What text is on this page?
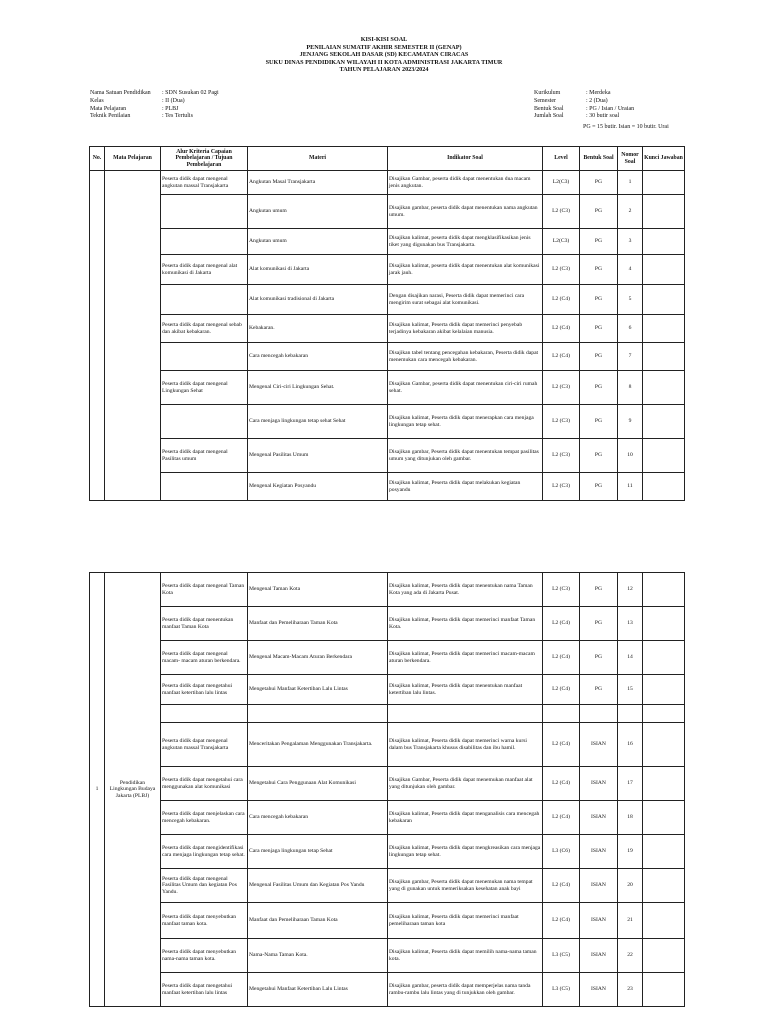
KISI-KISI SOAL
PENILAIAN SUMATIF AKHIR SEMESTER II (GENAP)
JENJANG SEKOLAH DASAR (SD) KECAMATAN CIRACAS
SUKU DINAS PENDIDIKAN WILAYAH II KOTA ADMINISTRASI JAKARTA TIMUR
TAHUN PELAJARAN 2023/2024
Nama Satuan Pendidikan	: SDN Susukan 02 Pagi
Kelas	: II (Dua)
Mata Pelajaran	: PLBJ
Teknik Penilaian	: Tes Tertulis
Kurikulum	: Merdeka
Semester	: 2 (Dua)
Bentuk Soal	: PG / Isian / Uraian
Jumlah Soal	: 30 butir soal
PG = 15 butir. Isian = 10 butir. Urai
No.	Mata Pelajaran	Alur Kriteria Capaian Pembelajaran / Tujuan Pembelajaran	Materi	Indikator Soal	Level	Bentuk Soal	Nomor Soal	Kunci Jawaban
		Peserta didik dapat mengenal angkutan massal Transjakarta	Angkutan Masal Transjakarta	Disajikan Gambar, peserta didik dapat menentukan dua macam jenis angkutan.	L2(C3)	PG	1	
			Angkutan umum	Disajikan gambar, peserta didik dapat menentukan nama angkutan umum.	L2 (C3)	PG	2	
			Angkutan umum	Disajikan kalimat, peserta didik dapat mengklasifikasikan jenis tiket yang digunakan bus Transjakarta.	L2(C3)	PG	3	
		Peserta didik dapat mengenal alat komunikasi di Jakarta	Alat komunikasi di Jakarta	Disajikan kalimat, peserta didik dapat menentukan alat komunikasi jarak jauh.	L2 (C3)	PG	4	
			Alat komunikasi tradisional di Jakarta	Dengan disajikan narasi, Peserta didik dapat memerinci cara mengirim surat sebagai alat komunikasi.	L2 (C4)	PG	5	
		Peserta didik dapat mengenal sebab dan akibat kebakaran.	Kebakaran.	Disajikan kalimat, Peserta didik dapat memerinci penyebab terjadinya kebakaran akibat kelalaian manusia.	L2 (C4)	PG	6	
			Cara mencegah kebakaran	Disajikan tabel tentang pencegahan kebakaran, Peserta didik dapat menemukan cara mencegah kebakaran.	L2 (C4)	PG	7	
		Peserta didik dapat mengenal Lingkungan Sehat	Mengenal Ciri-ciri Lingkungan Sehat.	Disajikan Gambar, peserta didik dapat menentukan ciri-ciri rumah sehat.	L2 (C3)	PG	8	
			Cara menjaga lingkungan tetap sehat Sehat	Disajikan kalimat, Peserta didik dapat menerapkan cara menjaga lingkungan tetap sehat.	L2 (C3)	PG	9	
		Peserta didik dapat mengenal Pasilitas umum	Mengenal Pasilitas Umum	Disajikan gambar, Peserta didik dapat menentukan tempat pasilitas umum yang ditunjukan oleh gambar.	L2 (C3)	PG	10	
			Mengenal Kegiatan Posyandu	Disajikan kalimat, Peserta didik dapat melakukan kegiatan posyandu	L2 (C3)	PG	11	
1	Pendidikan Lingkungan Budaya Jakarta (PLBJ)	Peserta didik dapat mengenal Taman Kota	Mengenal Taman Kota	Disajikan kalimat, Peserta didik dapat menentukan nama Taman Kota yang ada di Jakarta Pusat.	L2 (C3)	PG	12	
		Peserta didik dapat menentukan manfaat Taman Kota	Manfaat dan Pemeliharaan Taman Kota	Disajikan kalimat, Peserta didik dapat memerinci manfaat Taman Kota.	L2 (C4)	PG	13	
		Peserta didik dapat mengenal macam- macam aturan berkendara.	Mengenal Macam-Macam Aturan Berkendara	Disajikan kalimat, Peserta didik dapat memerinci macam-macam aturan berkendara.	L2 (C4)	PG	14	
		Peserta didik dapat mengetahui manfaat ketertiban lalu lintas	Mengetahui Manfaat Ketertiban Lalu Lintas	Disajikan kalimat, Peserta didik dapat menentukan manfaat ketertiban lalu lintas.	L2 (C4)	PG	15	

		Peserta didik dapat mengenal angkutan massal Transjakarta	Menceritakan Pengalaman Menggunakan Transjakarta.	Disajikan kalimat, Peserta didik dapat memerinci warna kursi dalam bus Transjakarta khusus disabilitas dan ibu hamil.	L2 (C4)	ISIAN	16	
		Peserta didik dapat mengetahui cara menggunakan alat komunikasi	Mengetahui Cara Penggunaan Alat Komunikasi	Disajikan Gambar, Peserta didik dapat menemukan manfaat alat yang ditunjukan oleh gambar.	L2 (C4)	ISIAN	17	
		Peserta didik dapat menjelaskan cara mencegah kebakaran.	Cara mencegah kebakaran	Disajikan kalimat, Peserta didik dapat menganalisis cara mencegah kebakaran	L2 (C4)	ISIAN	18	
		Peserta didik dapat mengidentifikasi cara menjaga lingkungan tetap sehat.	Cara menjaga lingkungan tetap Sehat	Disajikan kalimat, Peserta didik dapat mengkreasikan cara menjaga lingkungan tetap sehat.	L3 (C6)	ISIAN	19	
		Peserta didik dapat mengenal Fasilitas Umum dan kegiatan Pos Yandu.	Mengenal Fasilitas Umum dan Kegiatan Pos Yandu	Disajikan gambar, Peserta didik dapat menemukan nama tempat yang di gunakan untuk memeriksakan kesehatan anak bayi	L2 (C4)	ISIAN	20	
		Peserta didik dapat menyebutkan manfaat taman kota.	Manfaat dan Pemeliharaan Taman Kota	Disajikan kalimat, Peserta didik dapat memerinci manfaat pemeliharaan taman kota	L2 (C4)	ISIAN	21	
		Peserta didik dapat menyebutkan nama-nama taman kota.	Nama-Nama Taman Kota.	Disajikan kalimat, Peserta didik dapat memilih nama-nama taman kota.	L3 (C5)	ISIAN	22	
		Peserta didik dapat mengetahui manfaat ketertiban lalu lintas	Mengetahui Manfaat Ketertiban Lalu Lintas	Disajikan gambar, peserta didik dapat memperjelas nama tanda rambu-rambu lalu lintas yang di tunjukkan oleh gambar.	L3 (C5)	ISIAN	23	
